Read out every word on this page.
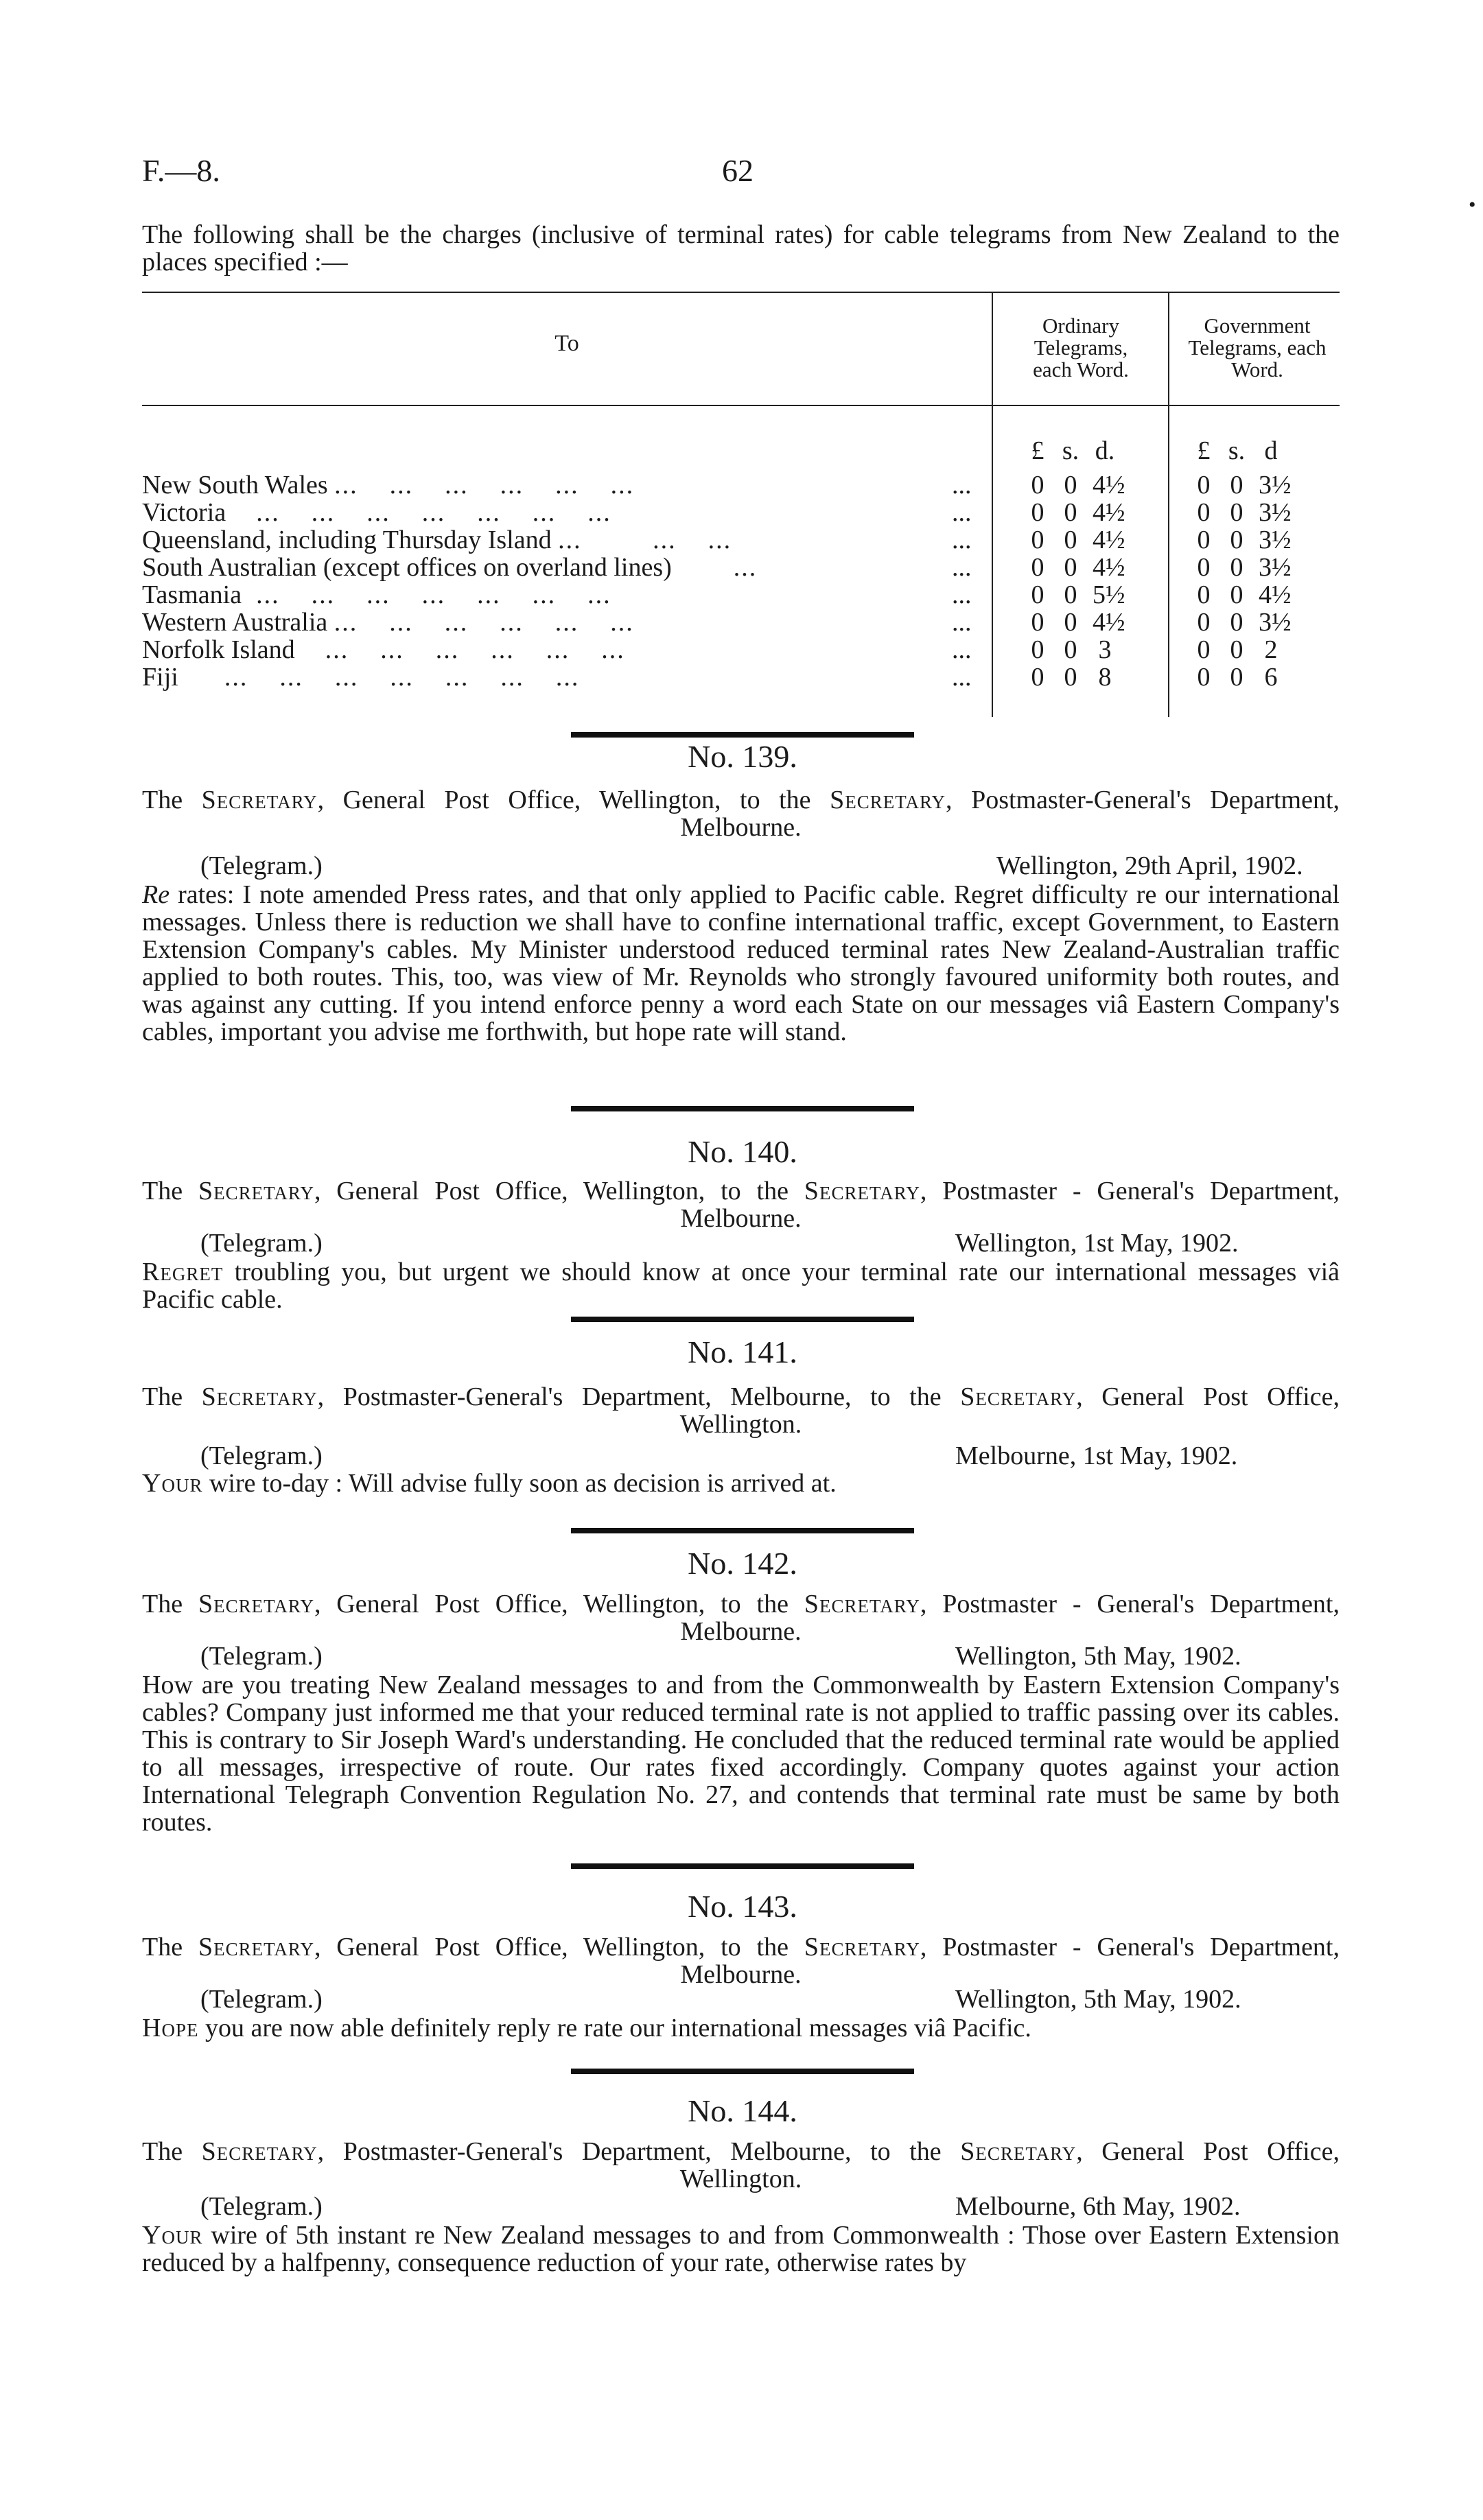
F.—8.	62
•
The following shall be the charges (inclusive of terminal rates) for cable telegrams from New Zealand to the places specified :—
To
Ordinary Telegrams, each Word.
Government Telegrams, each Word.
£ s. d.	£ s. d
New South Wales ...    ...    ...    ...    ...    ...	... 0 0 4½	0 0 3½
Victoria    ...    ...    ...    ...    ...    ...    ...	... 0 0 4½	0 0 3½
Queensland, including Thursday Island ...         ...    ...	... 0 0 4½	0 0 3½
South Australian (except offices on overland lines)        ...	... 0 0 4½	0 0 3½
Tasmania  ...    ...    ...    ...    ...    ...    ...	... 0 0 5½	0 0 4½
Western Australia ...    ...    ...    ...    ...    ...	... 0 0 4½	0 0 3½
Norfolk Island    ...    ...    ...    ...    ...    ...	... 0 0 3	0 0 2
Fiji      ...    ...    ...    ...    ...    ...    ...	... 0 0 8	0 0 6
No. 139.
The Secretary, General Post Office, Wellington, to the Secretary, Postmaster-General's Department, Melbourne.
(Telegram.)	Wellington, 29th April, 1902.
Re rates: I note amended Press rates, and that only applied to Pacific cable. Regret difficulty re our international messages. Unless there is reduction we shall have to confine international traffic, except Government, to Eastern Extension Company's cables. My Minister understood reduced terminal rates New Zealand-Australian traffic applied to both routes. This, too, was view of Mr. Reynolds who strongly favoured uniformity both routes, and was against any cutting. If you intend enforce penny a word each State on our messages viâ Eastern Company's cables, important you advise me forthwith, but hope rate will stand.
No. 140.
The Secretary, General Post Office, Wellington, to the Secretary, Postmaster - General's Department, Melbourne.
(Telegram.)	Wellington, 1st May, 1902.
Regret troubling you, but urgent we should know at once your terminal rate our international messages viâ Pacific cable.
No. 141.
The Secretary, Postmaster-General's Department, Melbourne, to the Secretary, General Post Office, Wellington.
(Telegram.)	Melbourne, 1st May, 1902.
Your wire to-day : Will advise fully soon as decision is arrived at.
No. 142.
The Secretary, General Post Office, Wellington, to the Secretary, Postmaster - General's Department, Melbourne.
(Telegram.)	Wellington, 5th May, 1902.
How are you treating New Zealand messages to and from the Commonwealth by Eastern Extension Company's cables? Company just informed me that your reduced terminal rate is not applied to traffic passing over its cables. This is contrary to Sir Joseph Ward's understanding. He concluded that the reduced terminal rate would be applied to all messages, irrespective of route. Our rates fixed accordingly. Company quotes against your action International Telegraph Convention Regulation No. 27, and contends that terminal rate must be same by both routes.
No. 143.
The Secretary, General Post Office, Wellington, to the Secretary, Postmaster - General's Department, Melbourne.
(Telegram.)	Wellington, 5th May, 1902.
Hope you are now able definitely reply re rate our international messages viâ Pacific.
No. 144.
The Secretary, Postmaster-General's Department, Melbourne, to the Secretary, General Post Office, Wellington.
(Telegram.)	Melbourne, 6th May, 1902.
Your wire of 5th instant re New Zealand messages to and from Commonwealth : Those over Eastern Extension reduced by a halfpenny, consequence reduction of your rate, otherwise rates by
